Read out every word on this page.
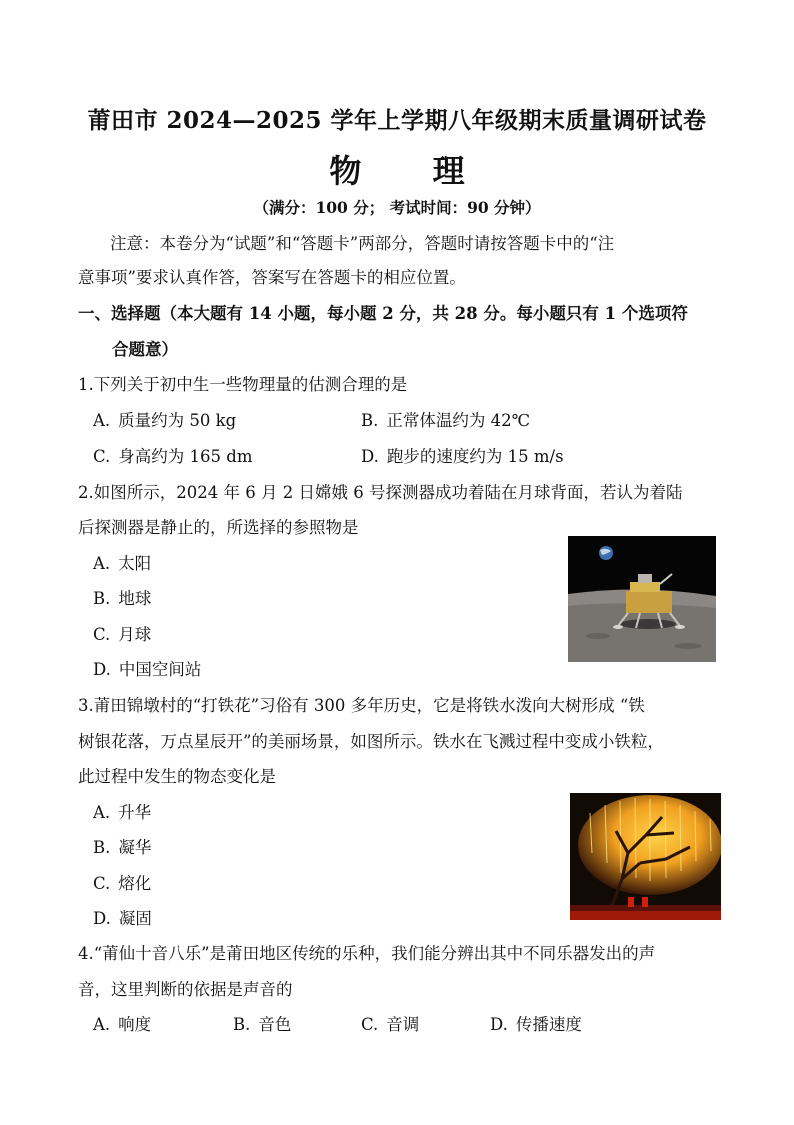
莆田市 2024—2025 学年上学期八年级期末质量调研试卷
物 理
（满分：100 分； 考试时间：90 分钟）
注意：本卷分为“试题”和“答题卡”两部分，答题时请按答题卡中的“注
意事项”要求认真作答，答案写在答题卡的相应位置。
一、选择题（本大题有 14 小题，每小题 2 分，共 28 分。每小题只有 1 个选项符
合题意）
1.下列关于初中生一些物理量的估测合理的是
A. 质量约为 50 kg	B. 正常体温约为 42℃
C. 身高约为 165 dm	D. 跑步的速度约为 15 m/s
2.如图所示，2024 年 6 月 2 日嫦娥 6 号探测器成功着陆在月球背面，若认为着陆
后探测器是静止的，所选择的参照物是
A. 太阳
B. 地球
C. 月球
D. 中国空间站
3.莆田锦墩村的“打铁花”习俗有 300 多年历史，它是将铁水泼向大树形成 “铁
树银花落，万点星辰开”的美丽场景，如图所示。铁水在飞溅过程中变成小铁粒，
此过程中发生的物态变化是
A. 升华
B. 凝华
C. 熔化
D. 凝固
4.“莆仙十音八乐”是莆田地区传统的乐种，我们能分辨出其中不同乐器发出的声
音，这里判断的依据是声音的
A. 响度	B. 音色	C. 音调	D. 传播速度
